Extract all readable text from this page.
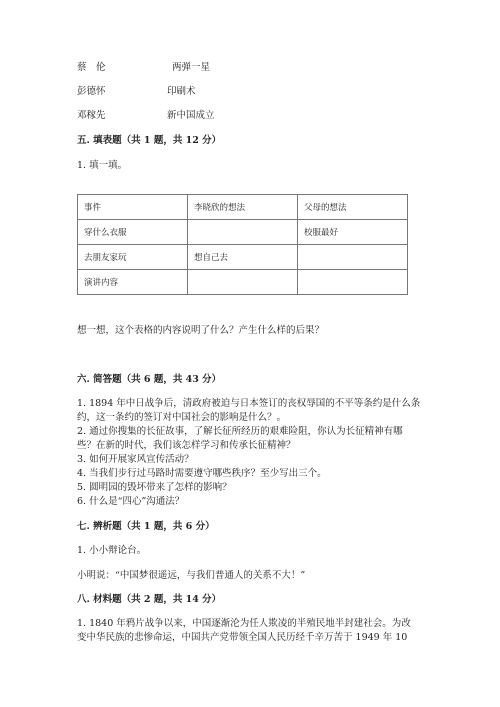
蔡　伦	两弹一星
彭德怀	印刷术
邓稼先	新中国成立
五. 填表题（共 1 题，共 12 分）
1. 填一填。
事件	李晓欣的想法	父母的想法
穿什么衣服		校服最好
去朋友家玩	想自己去	
演讲内容		
想一想，这个表格的内容说明了什么？产生什么样的后果？
六. 简答题（共 6 题，共 43 分）
1. 1894 年中日战争后，清政府被迫与日本签订的丧权辱国的不平等条约是什么条
约，这一条约的签订对中国社会的影响是什么？。
2. 通过你搜集的长征故事，了解长征所经历的艰难险阻，你认为长征精神有哪
些？在新的时代，我们该怎样学习和传承长征精神？
3. 如何开展家风宣传活动？
4. 当我们步行过马路时需要遵守哪些秩序？至少写出三个。
5. 圆明园的毁坏带来了怎样的影响？
6. 什么是“四心”沟通法？
七. 辨析题（共 1 题，共 6 分）
1. 小小辩论台。
小明说：“中国梦很遥远，与我们普通人的关系不大！”
八. 材料题（共 2 题，共 14 分）
1. 1840 年鸦片战争以来，中国逐渐沦为任人欺凌的半殖民地半封建社会。为改
变中华民族的悲惨命运，中国共产党带领全国人民历经千辛万苦于 1949 年 10
